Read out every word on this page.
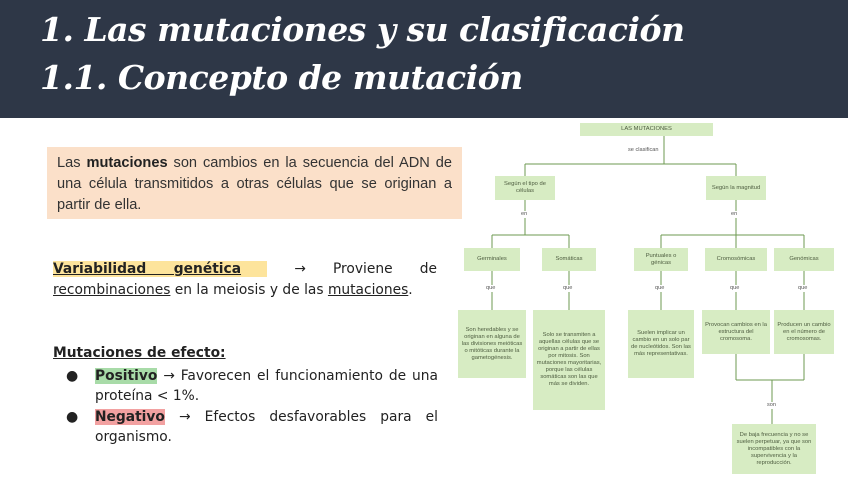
1. Las mutaciones y su clasificación
1.1. Concepto de mutación
Las mutaciones son cambios en la secuencia del ADN de una célula transmitidos a otras células que se originan a partir de ella.
Variabilidad genética → Proviene de recombinaciones en la meiosis y de las mutaciones.
Mutaciones de efecto:
● Positivo → Favorecen el funcionamiento de una proteína < 1%.
● Negativo → Efectos desfavorables para el organismo.
LAS MUTACIONES
se clasifican
Según el tipo de células
Según la magnitud
en	en
Germinales	Somáticas
Puntuales o génicas
Cromosómicas	Genómicas
que	que	que	que	que
Son heredables y se originan en alguna de las divisiones meióticas o mitóticas durante la gametogénesis.
Solo se transmiten a aquellas células que se originan a partir de ellas por mitosis. Son mutaciones mayoritarias, porque las células somáticas son las que más se dividen.
Suelen implicar un cambio en un solo par de nucleótidos. Son las más representativas.
Provocan cambios en la estructura del cromosoma.
Producen un cambio en el número de cromosomas.
son
De baja frecuencia y no se suelen perpetuar, ya que son incompatibles con la supervivencia y la reproducción.
